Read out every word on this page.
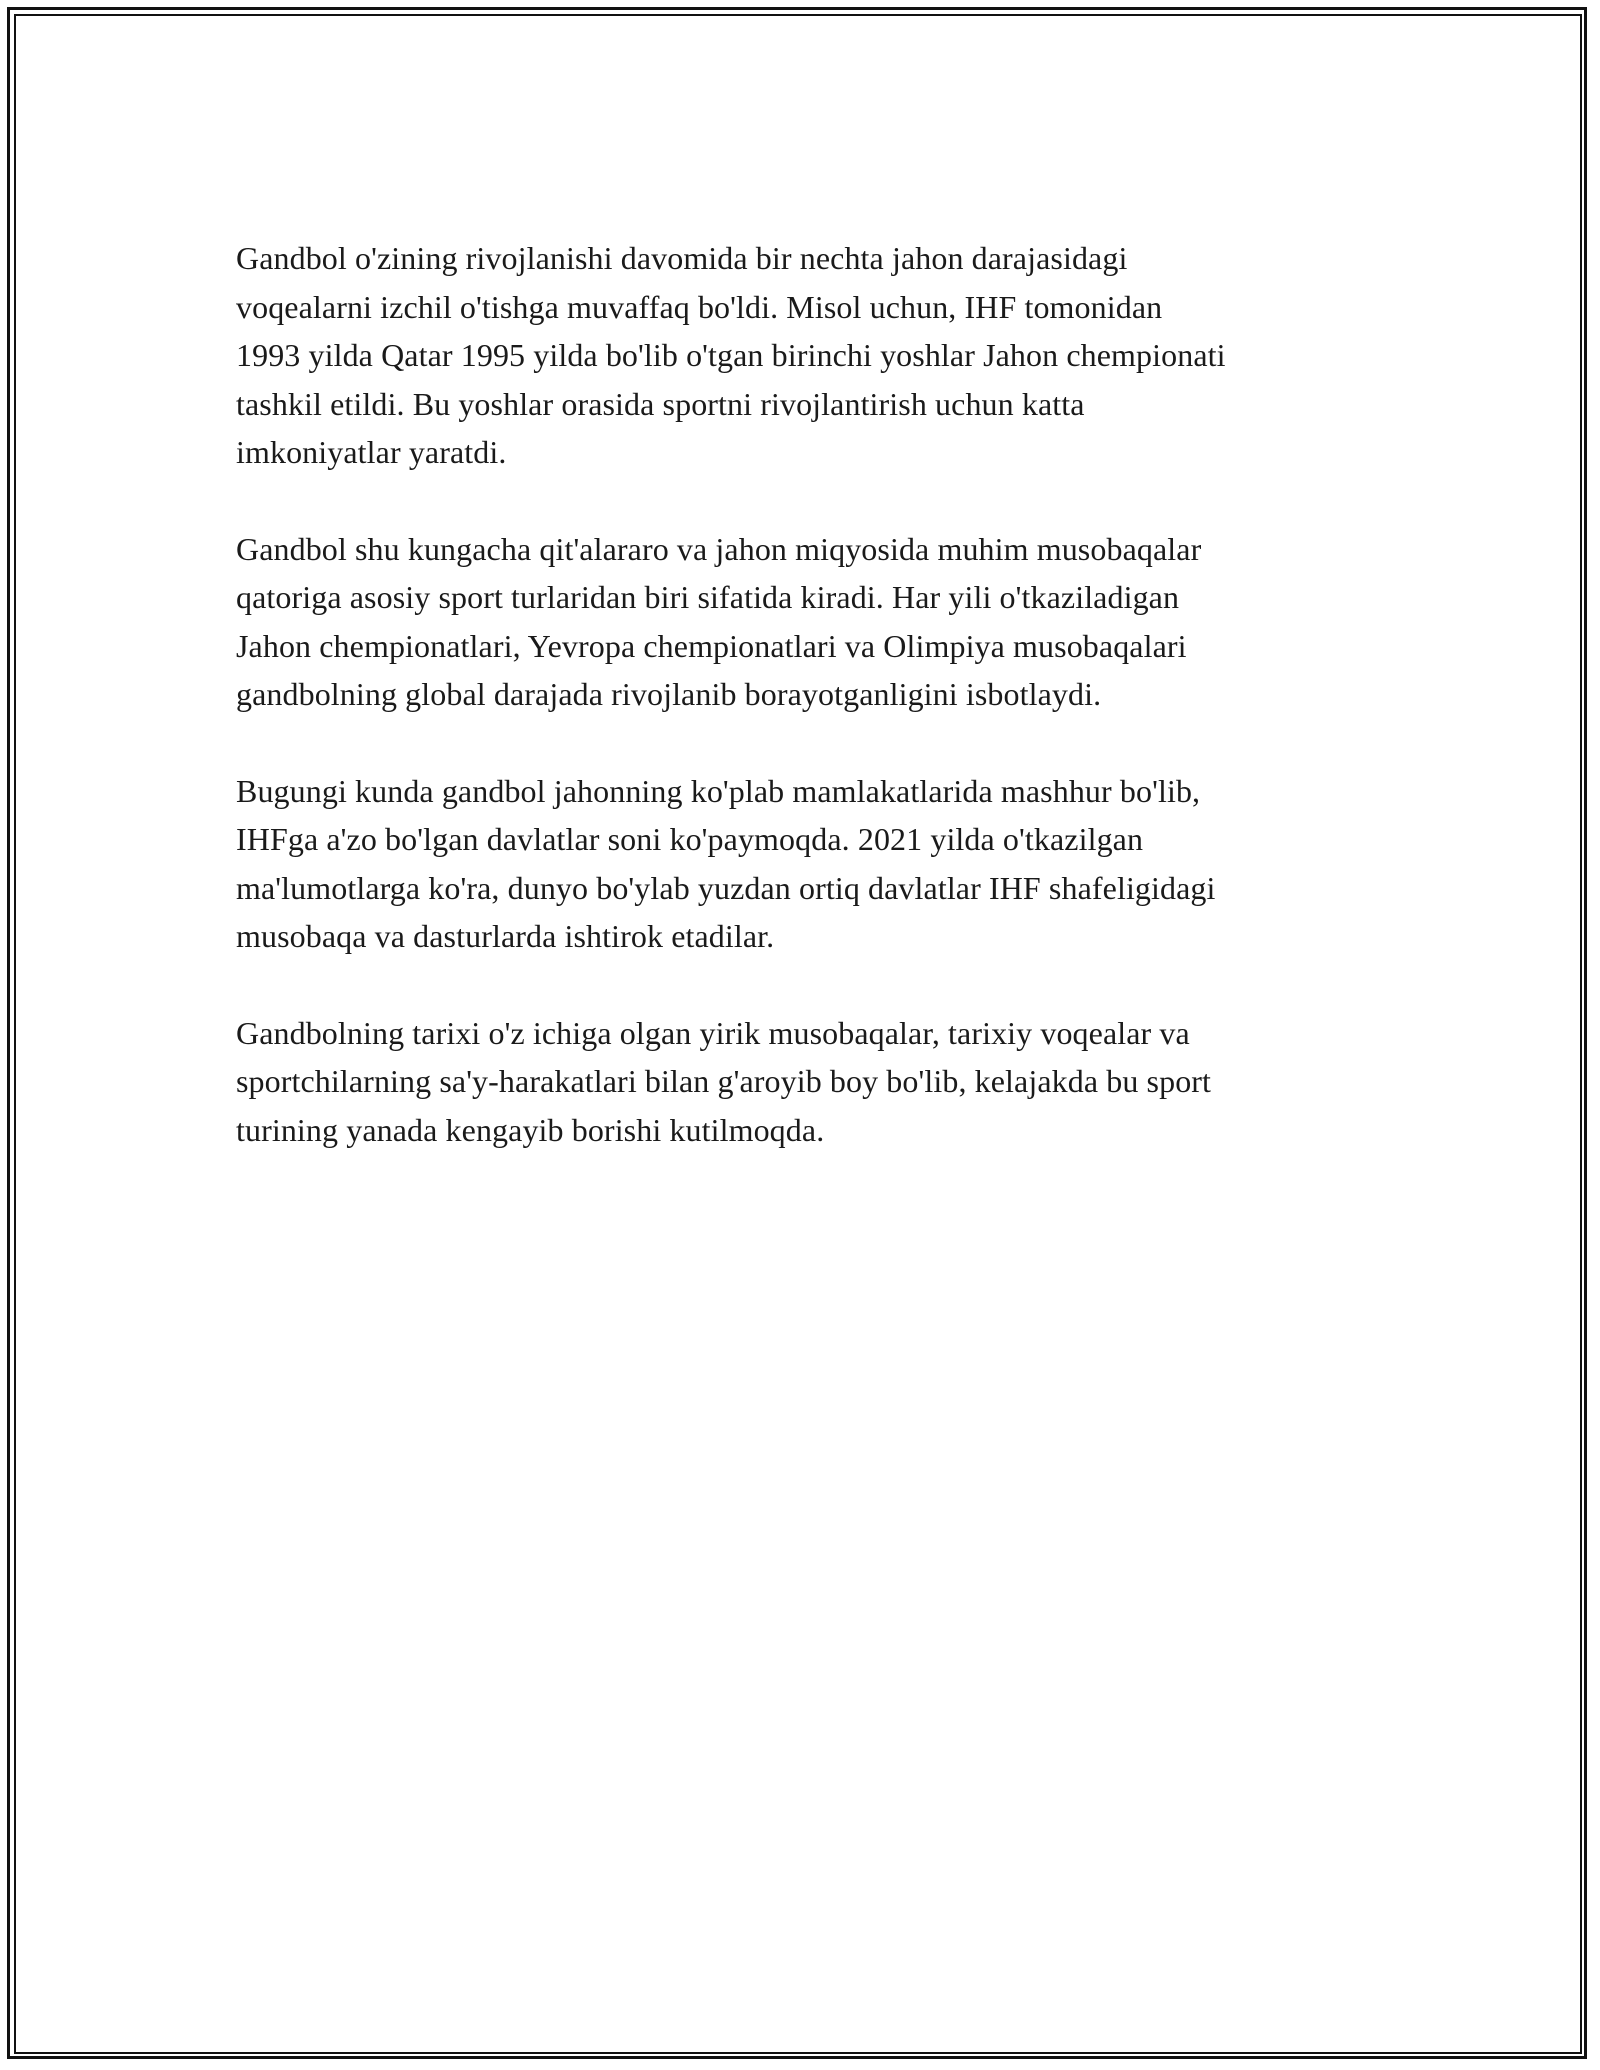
Gandbol o'zining rivojlanishi davomida bir nechta jahon darajasidagi
voqealarni izchil o'tishga muvaffaq bo'ldi. Misol uchun, IHF tomonidan
1993 yilda Qatar 1995 yilda bo'lib o'tgan birinchi yoshlar Jahon chempionati
tashkil etildi. Bu yoshlar orasida sportni rivojlantirish uchun katta
imkoniyatlar yaratdi.

Gandbol shu kungacha qit'alararo va jahon miqyosida muhim musobaqalar
qatoriga asosiy sport turlaridan biri sifatida kiradi. Har yili o'tkaziladigan
Jahon chempionatlari, Yevropa chempionatlari va Olimpiya musobaqalari
gandbolning global darajada rivojlanib borayotganligini isbotlaydi.

Bugungi kunda gandbol jahonning ko'plab mamlakatlarida mashhur bo'lib,
IHFga a'zo bo'lgan davlatlar soni ko'paymoqda. 2021 yilda o'tkazilgan
ma'lumotlarga ko'ra, dunyo bo'ylab yuzdan ortiq davlatlar IHF shafeligidagi
musobaqa va dasturlarda ishtirok etadilar.

Gandbolning tarixi o'z ichiga olgan yirik musobaqalar, tarixiy voqealar va
sportchilarning sa'y-harakatlari bilan g'aroyib boy bo'lib, kelajakda bu sport
turining yanada kengayib borishi kutilmoqda.
